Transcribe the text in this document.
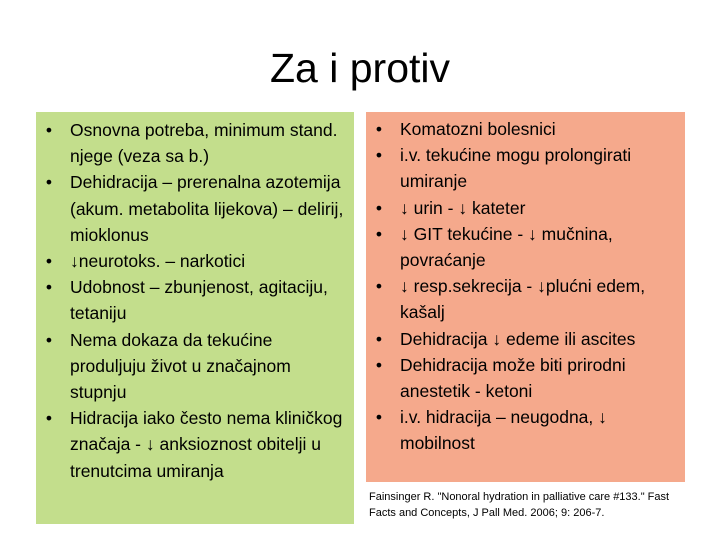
Za i protiv
• Osnovna potreba, minimum stand. njege (veza sa b.)
• Dehidracija – prerenalna azotemija (akum. metabolita lijekova) – delirij, mioklonus
• ↓neurotoks. – narkotici
• Udobnost – zbunjenost, agitaciju, tetaniju
• Nema dokaza da tekućine produljuju život u značajnom stupnju
• Hidracija iako često nema kliničkog značaja - ↓ anksioznost obitelji u trenutcima umiranja
• Komatozni bolesnici
• i.v. tekućine mogu prolongirati umiranje
• ↓ urin - ↓ kateter
• ↓ GIT tekućine - ↓ mučnina, povraćanje
• ↓ resp.sekrecija - ↓plućni edem, kašalj
• Dehidracija ↓ edeme ili ascites
• Dehidracija može biti prirodni anestetik - ketoni
• i.v. hidracija – neugodna, ↓ mobilnost
Fainsinger R. "Nonoral hydration in palliative care #133." Fast Facts and Concepts, J Pall Med. 2006; 9: 206-7.
